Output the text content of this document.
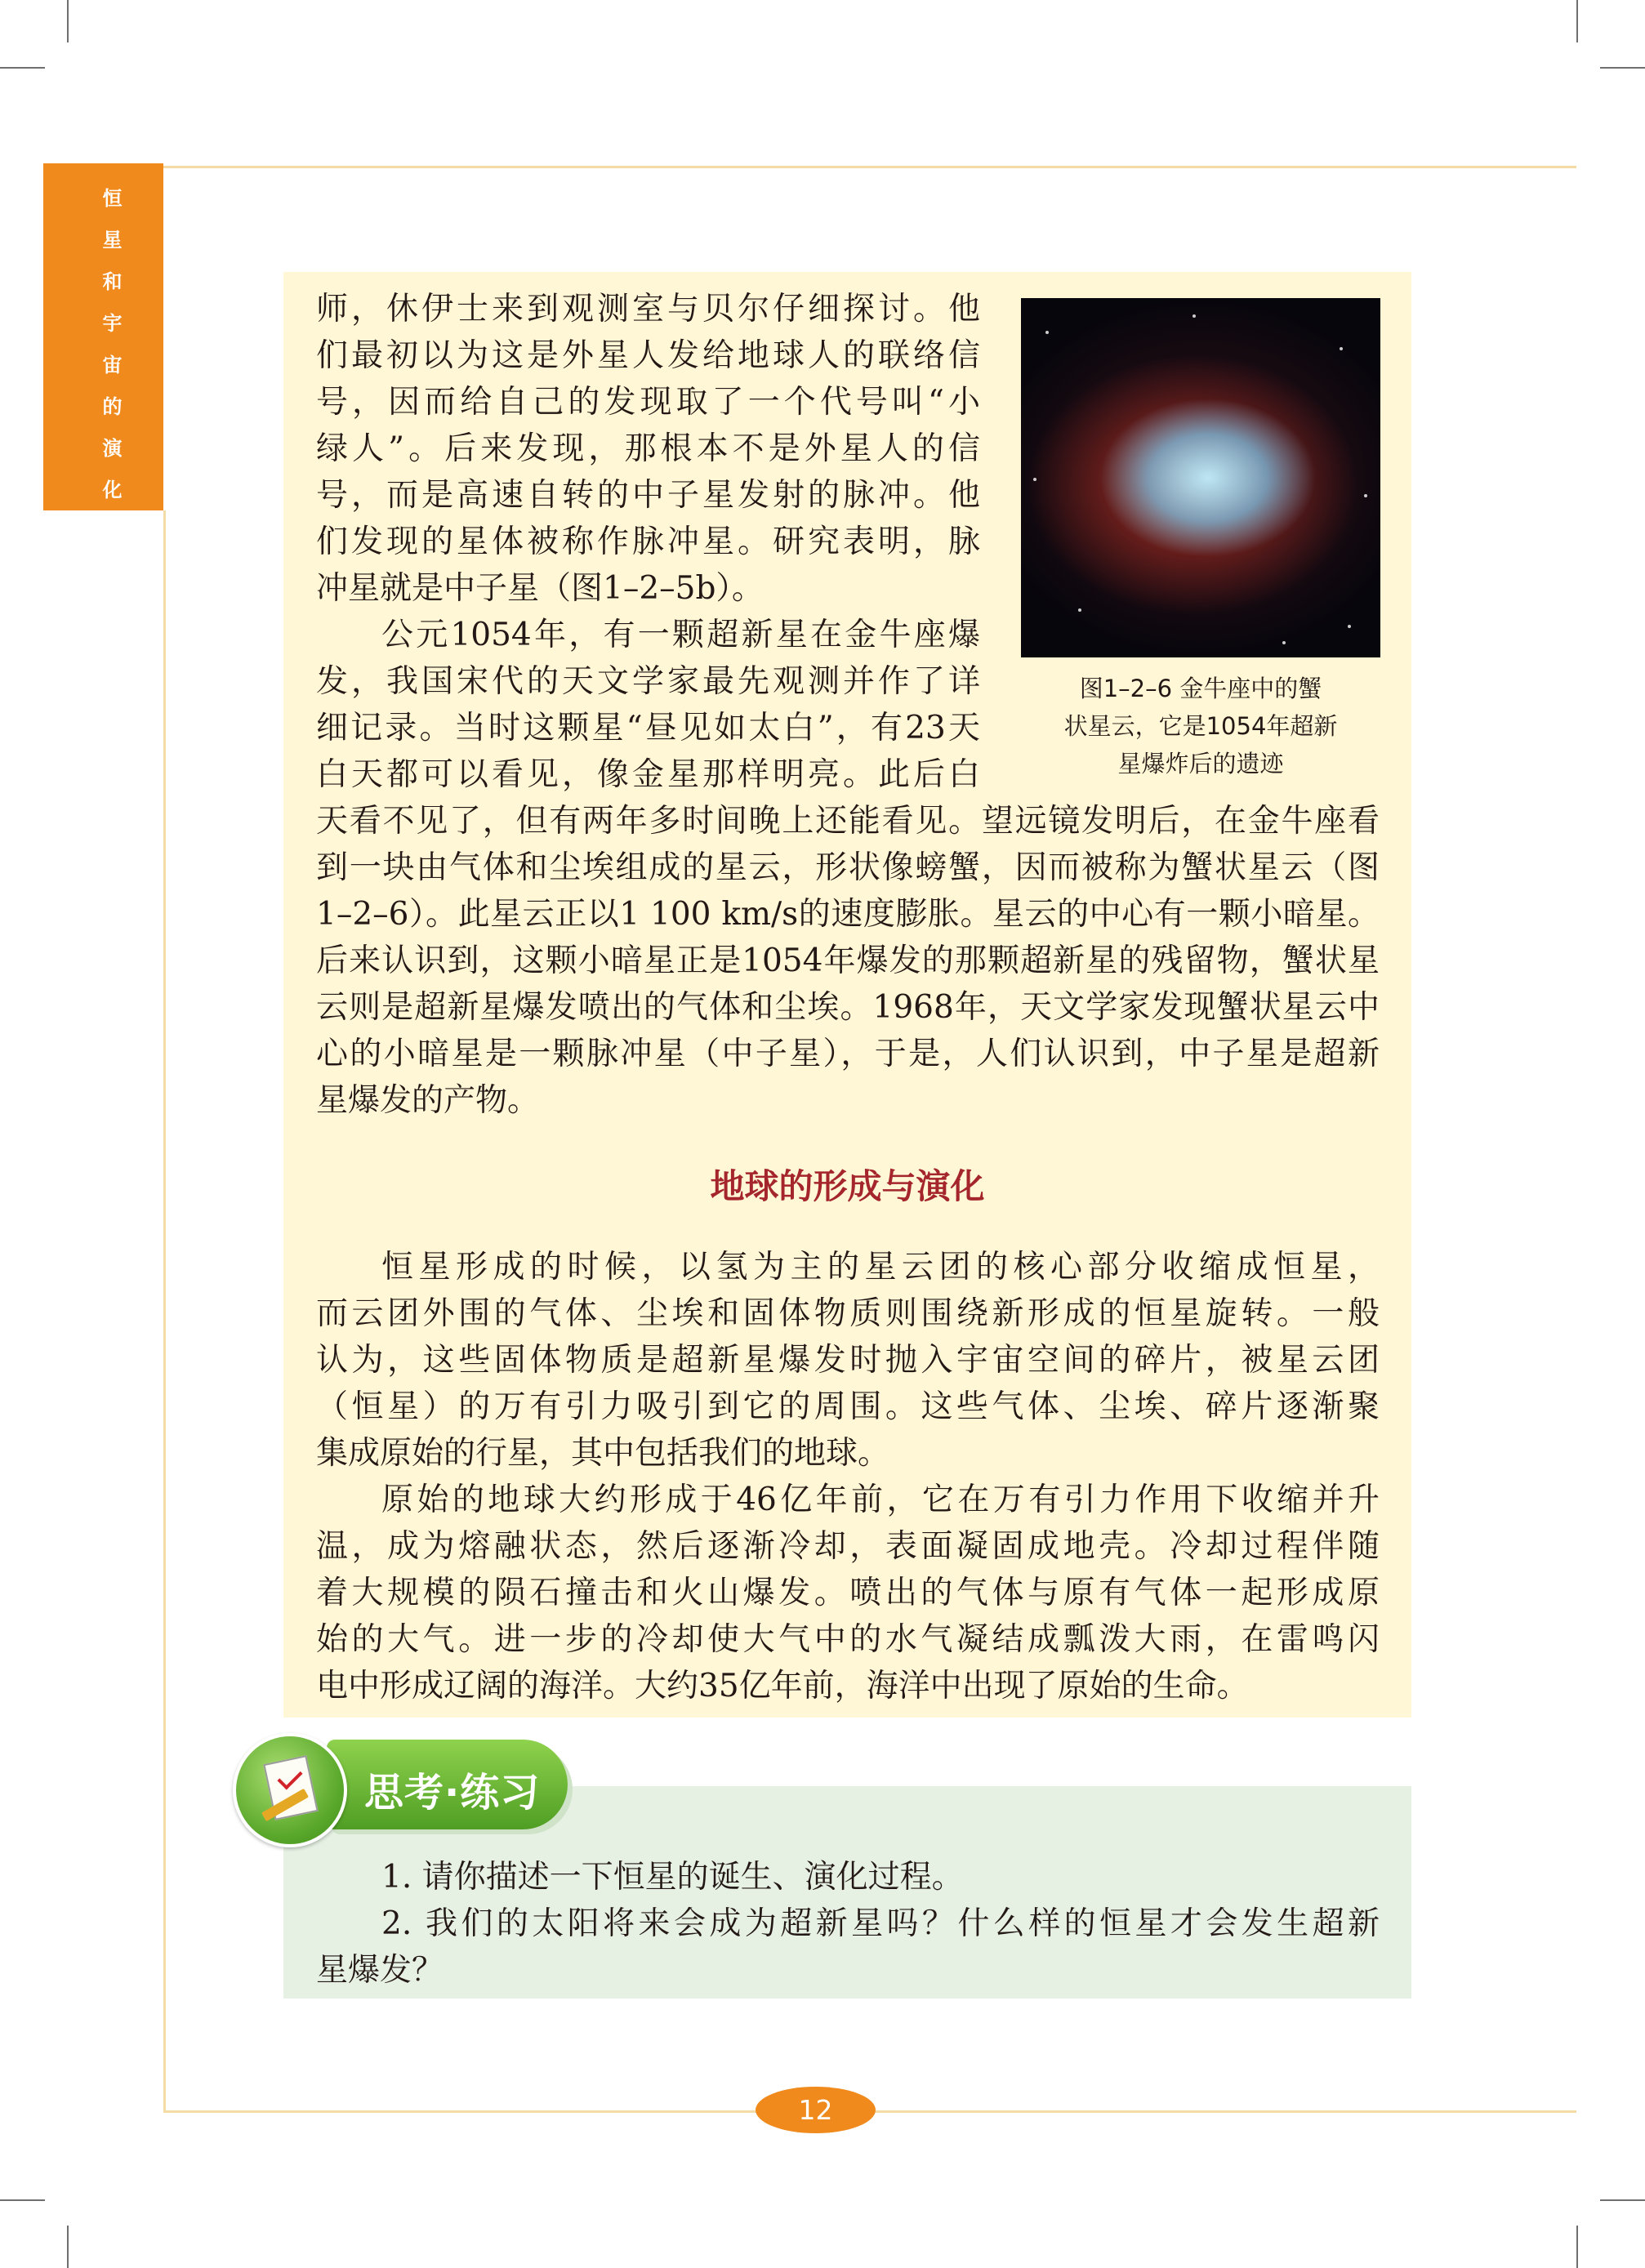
恒
星
和
宇
宙
的
演
化

师，休伊士来到观测室与贝尔仔细探讨。他

们最初以为这是外星人发给地球人的联络信

号，因而给自己的发现取了一个代号叫“小

绿人”。后来发现，那根本不是外星人的信

号，而是高速自转的中子星发射的脉冲。他

们发现的星体被称作脉冲星。研究表明，脉

冲星就是中子星（图1–2–5b）。

公元1054年，有一颗超新星在金牛座爆

发，我国宋代的天文学家最先观测并作了详

细记录。当时这颗星“昼见如太白”，有23天

白天都可以看见，像金星那样明亮。此后白

天看不见了，但有两年多时间晚上还能看见。望远镜发明后，在金牛座看

到一块由气体和尘埃组成的星云，形状像螃蟹，因而被称为蟹状星云（图

1–2–6）。此星云正以1 100 km/s的速度膨胀。星云的中心有一颗小暗星。

后来认识到，这颗小暗星正是1054年爆发的那颗超新星的残留物，蟹状星

云则是超新星爆发喷出的气体和尘埃。1968年，天文学家发现蟹状星云中

心的小暗星是一颗脉冲星（中子星），于是，人们认识到，中子星是超新

星爆发的产物。

图1–2–6 金牛座中的蟹
状星云，它是1054年超新
星爆炸后的遗迹
地球的形成与演化

恒星形成的时候，以氢为主的星云团的核心部分收缩成恒星，

而云团外围的气体、尘埃和固体物质则围绕新形成的恒星旋转。一般

认为，这些固体物质是超新星爆发时抛入宇宙空间的碎片，被星云团

（恒星）的万有引力吸引到它的周围。这些气体、尘埃、碎片逐渐聚

集成原始的行星，其中包括我们的地球。

原始的地球大约形成于46亿年前，它在万有引力作用下收缩并升

温，成为熔融状态，然后逐渐冷却，表面凝固成地壳。冷却过程伴随

着大规模的陨石撞击和火山爆发。喷出的气体与原有气体一起形成原

始的大气。进一步的冷却使大气中的水气凝结成瓢泼大雨，在雷鸣闪

电中形成辽阔的海洋。大约35亿年前，海洋中出现了原始的生命。

思考·练习

1. 请你描述一下恒星的诞生、演化过程。

2. 我们的太阳将来会成为超新星吗？什么样的恒星才会发生超新

星爆发？

12
